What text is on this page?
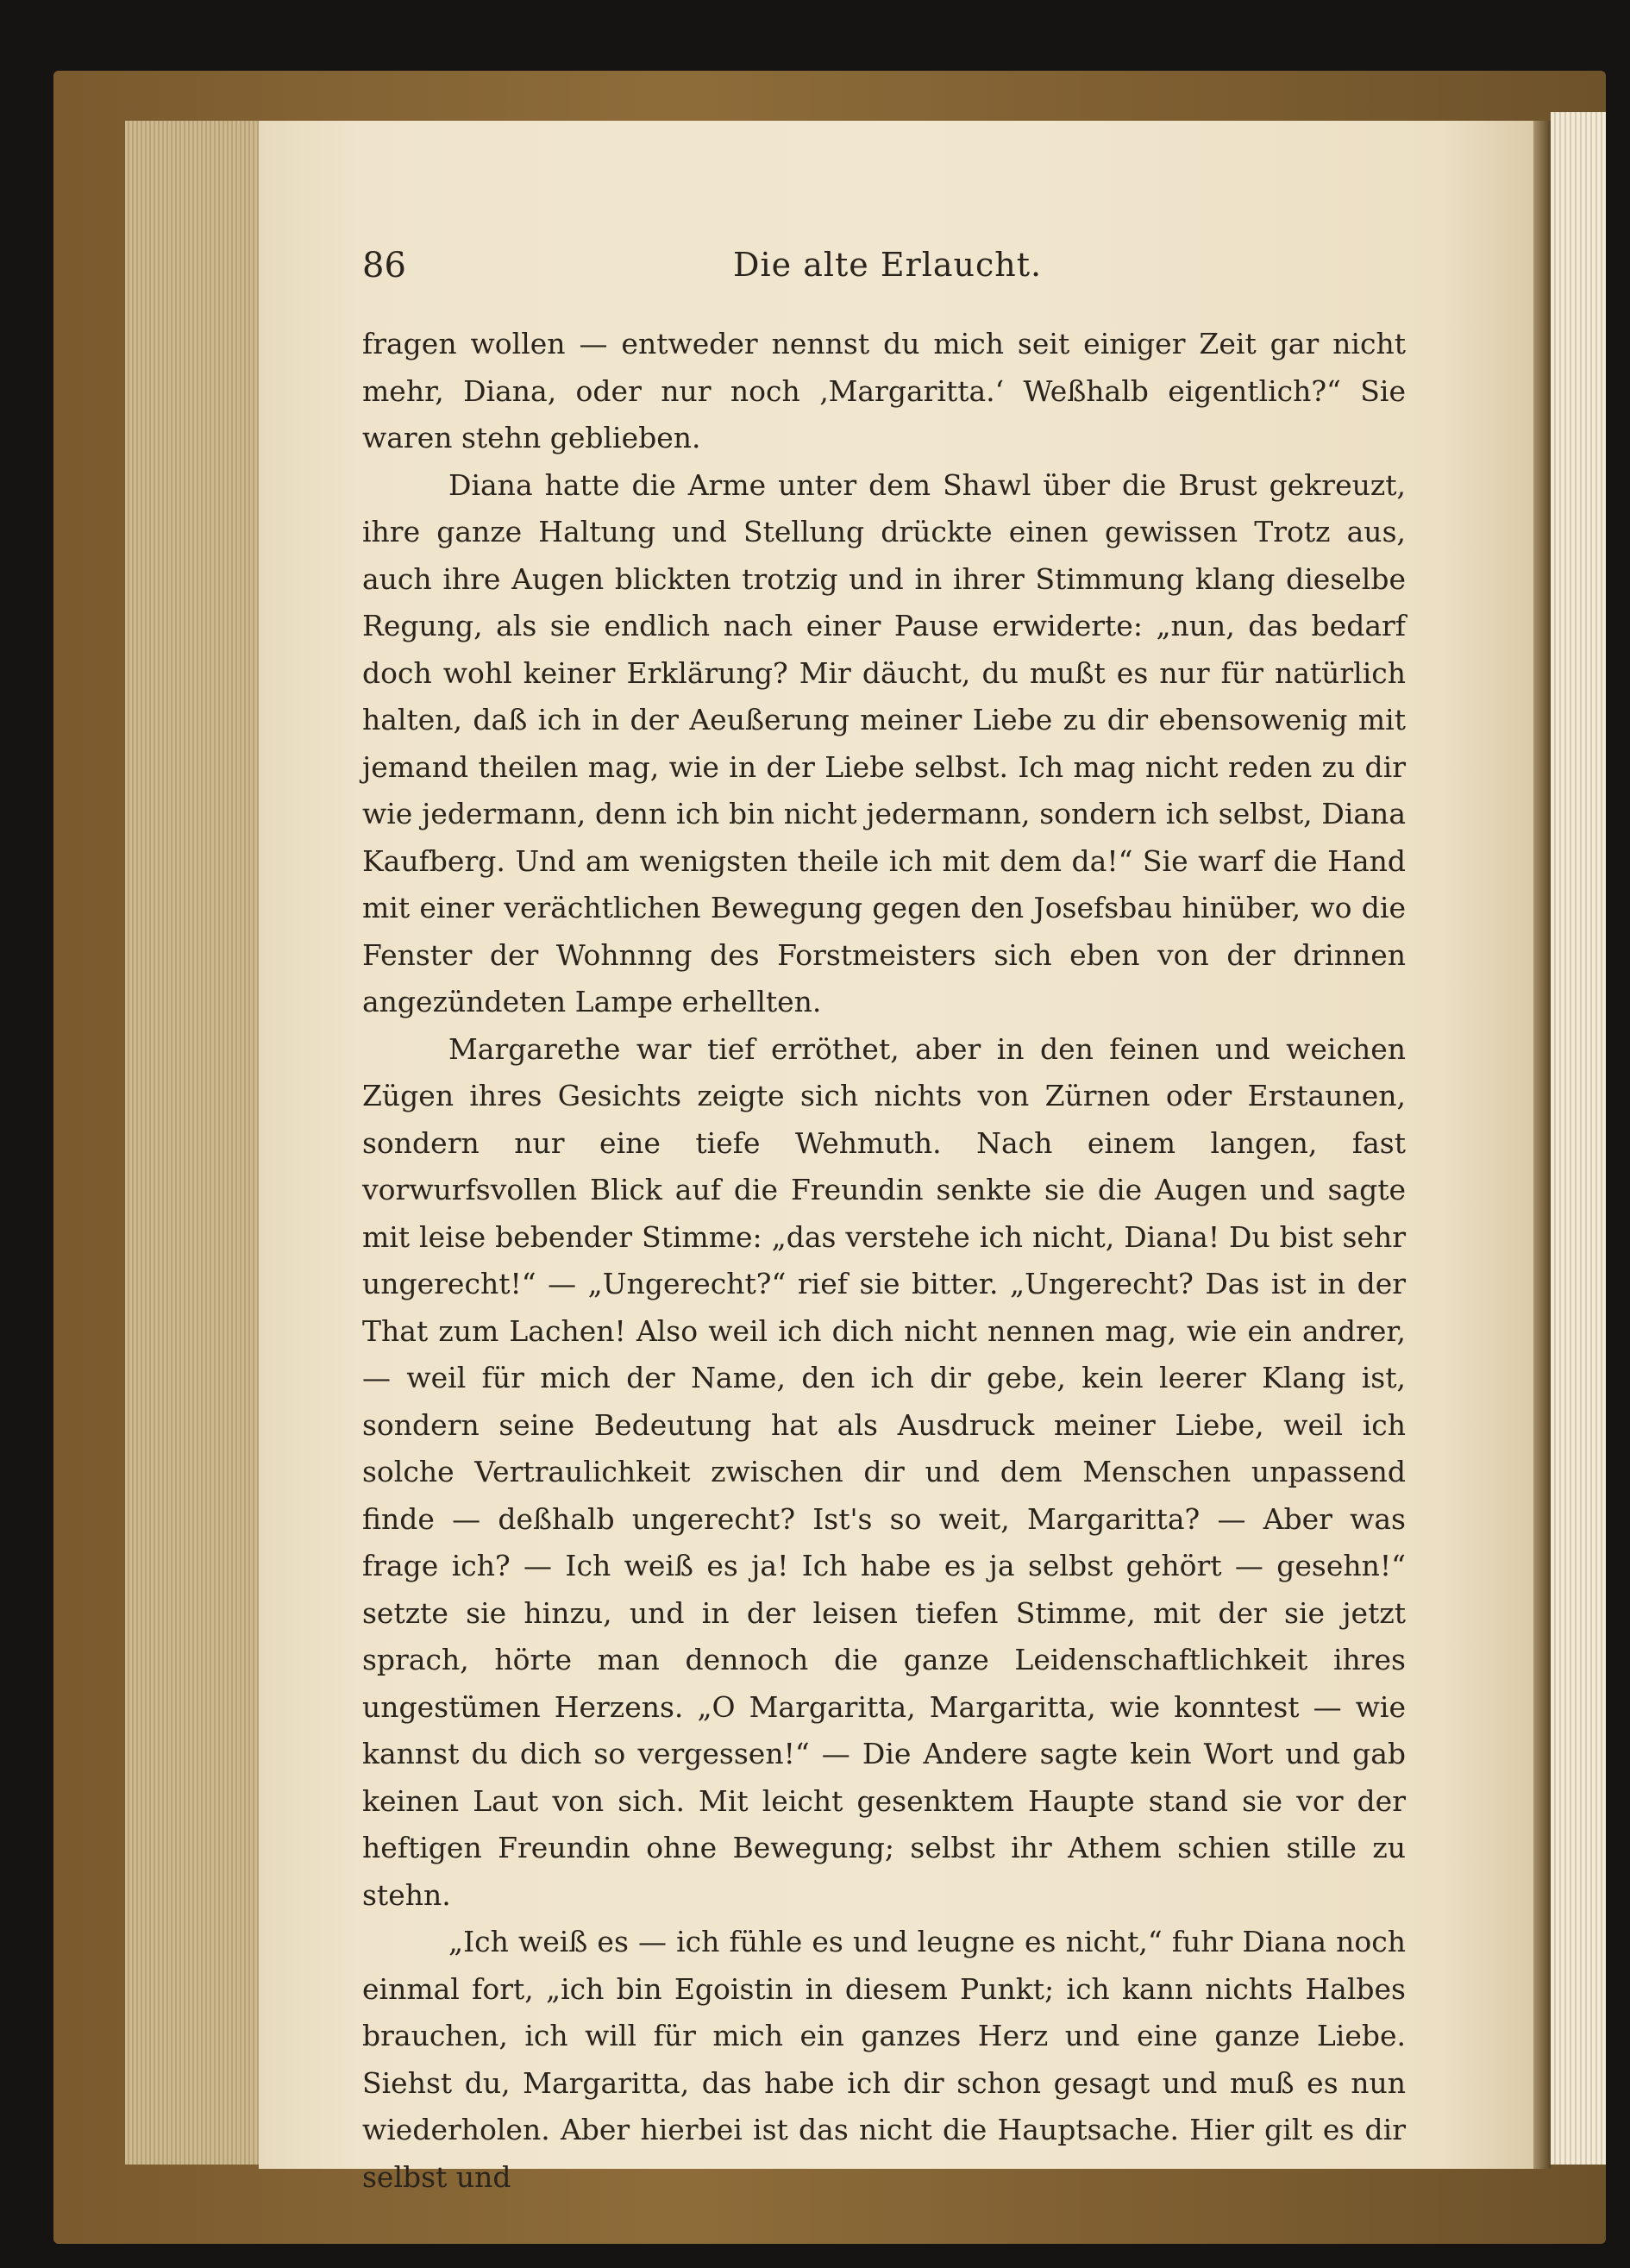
86	Die alte Erlaucht.

fragen wollen — entweder nennst du mich seit einiger Zeit gar nicht mehr, Diana, oder nur noch ‚Margaritta.‘ Weßhalb eigentlich?“ Sie waren stehn geblieben.

Diana hatte die Arme unter dem Shawl über die Brust gekreuzt, ihre ganze Haltung und Stellung drückte einen gewissen Trotz aus, auch ihre Augen blickten trotzig und in ihrer Stimmung klang dieselbe Regung, als sie endlich nach einer Pause erwiderte: „nun, das bedarf doch wohl keiner Erklärung? Mir däucht, du mußt es nur für natürlich halten, daß ich in der Aeußerung meiner Liebe zu dir ebensowenig mit jemand theilen mag, wie in der Liebe selbst. Ich mag nicht reden zu dir wie jedermann, denn ich bin nicht jedermann, sondern ich selbst, Diana Kaufberg. Und am wenigsten theile ich mit dem da!“ Sie warf die Hand mit einer verächtlichen Bewegung gegen den Josefsbau hinüber, wo die Fenster der Wohnnng des Forstmeisters sich eben von der drinnen angezündeten Lampe erhellten.

Margarethe war tief erröthet, aber in den feinen und weichen Zügen ihres Gesichts zeigte sich nichts von Zürnen oder Erstaunen, sondern nur eine tiefe Wehmuth. Nach einem langen, fast vorwurfsvollen Blick auf die Freundin senkte sie die Augen und sagte mit leise bebender Stimme: „das verstehe ich nicht, Diana! Du bist sehr ungerecht!“ — „Ungerecht?“ rief sie bitter. „Ungerecht? Das ist in der That zum Lachen! Also weil ich dich nicht nennen mag, wie ein andrer, — weil für mich der Name, den ich dir gebe, kein leerer Klang ist, sondern seine Bedeutung hat als Ausdruck meiner Liebe, weil ich solche Vertraulichkeit zwischen dir und dem Menschen unpassend finde — deßhalb ungerecht? Ist's so weit, Margaritta? — Aber was frage ich? — Ich weiß es ja! Ich habe es ja selbst gehört — gesehn!“ setzte sie hinzu, und in der leisen tiefen Stimme, mit der sie jetzt sprach, hörte man dennoch die ganze Leidenschaftlichkeit ihres ungestümen Herzens. „O Margaritta, Margaritta, wie konntest — wie kannst du dich so vergessen!“ — Die Andere sagte kein Wort und gab keinen Laut von sich. Mit leicht gesenktem Haupte stand sie vor der heftigen Freundin ohne Bewegung; selbst ihr Athem schien stille zu stehn.

„Ich weiß es — ich fühle es und leugne es nicht,“ fuhr Diana noch einmal fort, „ich bin Egoistin in diesem Punkt; ich kann nichts Halbes brauchen, ich will für mich ein ganzes Herz und eine ganze Liebe. Siehst du, Margaritta, das habe ich dir schon gesagt und muß es nun wiederholen. Aber hierbei ist das nicht die Hauptsache. Hier gilt es dir selbst und
